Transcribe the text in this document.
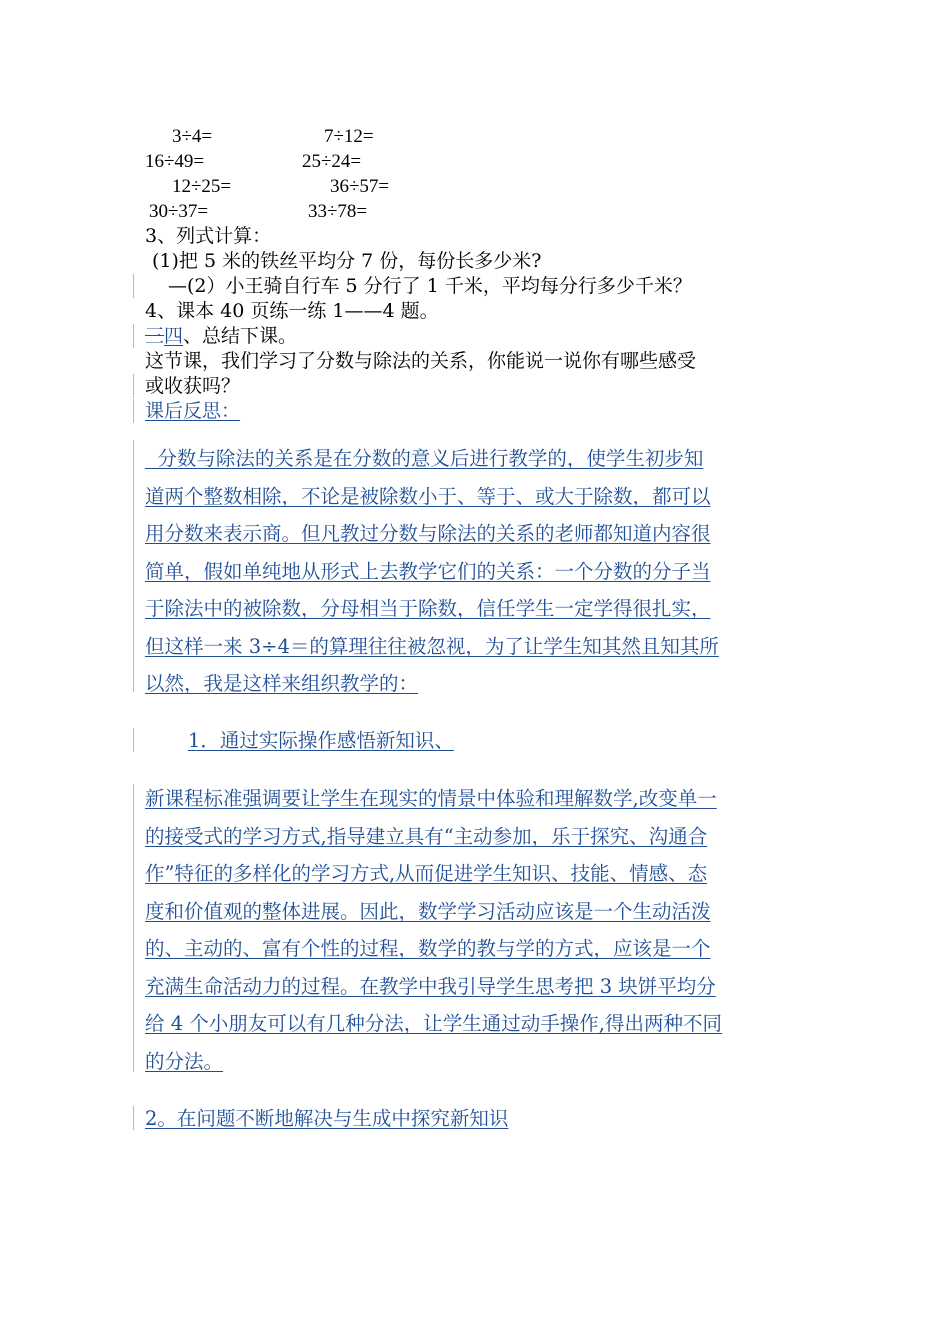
3÷4=	7÷12=
16÷49=	25÷24=
12÷25=	36÷57=
30÷37=	33÷78=
3、列式计算：
(1)把 5 米的铁丝平均分 7 份，每份长多少米?
—(2）小王骑自行车 5 分行了 1 千米，平均每分行多少千米？
4、课本 40 页练一练 1——4 题。
三四、总结下课。
这节课，我们学习了分数与除法的关系，你能说一说你有哪些感受
或收获吗？
课后反思：
分数与除法的关系是在分数的意义后进行教学的，使学生初步知
道两个整数相除，不论是被除数小于、等于、或大于除数，都可以
用分数来表示商。但凡教过分数与除法的关系的老师都知道内容很
简单，假如单纯地从形式上去教学它们的关系：一个分数的分子当
于除法中的被除数，分母相当于除数，信任学生一定学得很扎实，
但这样一来 3÷4＝的算理往往被忽视，为了让学生知其然且知其所
以然，我是这样来组织教学的：
1．通过实际操作感悟新知识、
新课程标准强调要让学生在现实的情景中体验和理解数学,改变单一
的接受式的学习方式,指导建立具有“主动参加，乐于探究、沟通合
作”特征的多样化的学习方式,从而促进学生知识、技能、情感、态
度和价值观的整体进展。因此，数学学习活动应该是一个生动活泼
的、主动的、富有个性的过程，数学的教与学的方式，应该是一个
充满生命活动力的过程。在教学中我引导学生思考把 3 块饼平均分
给 4 个小朋友可以有几种分法，让学生通过动手操作,得出两种不同
的分法。
2。在问题不断地解决与生成中探究新知识
